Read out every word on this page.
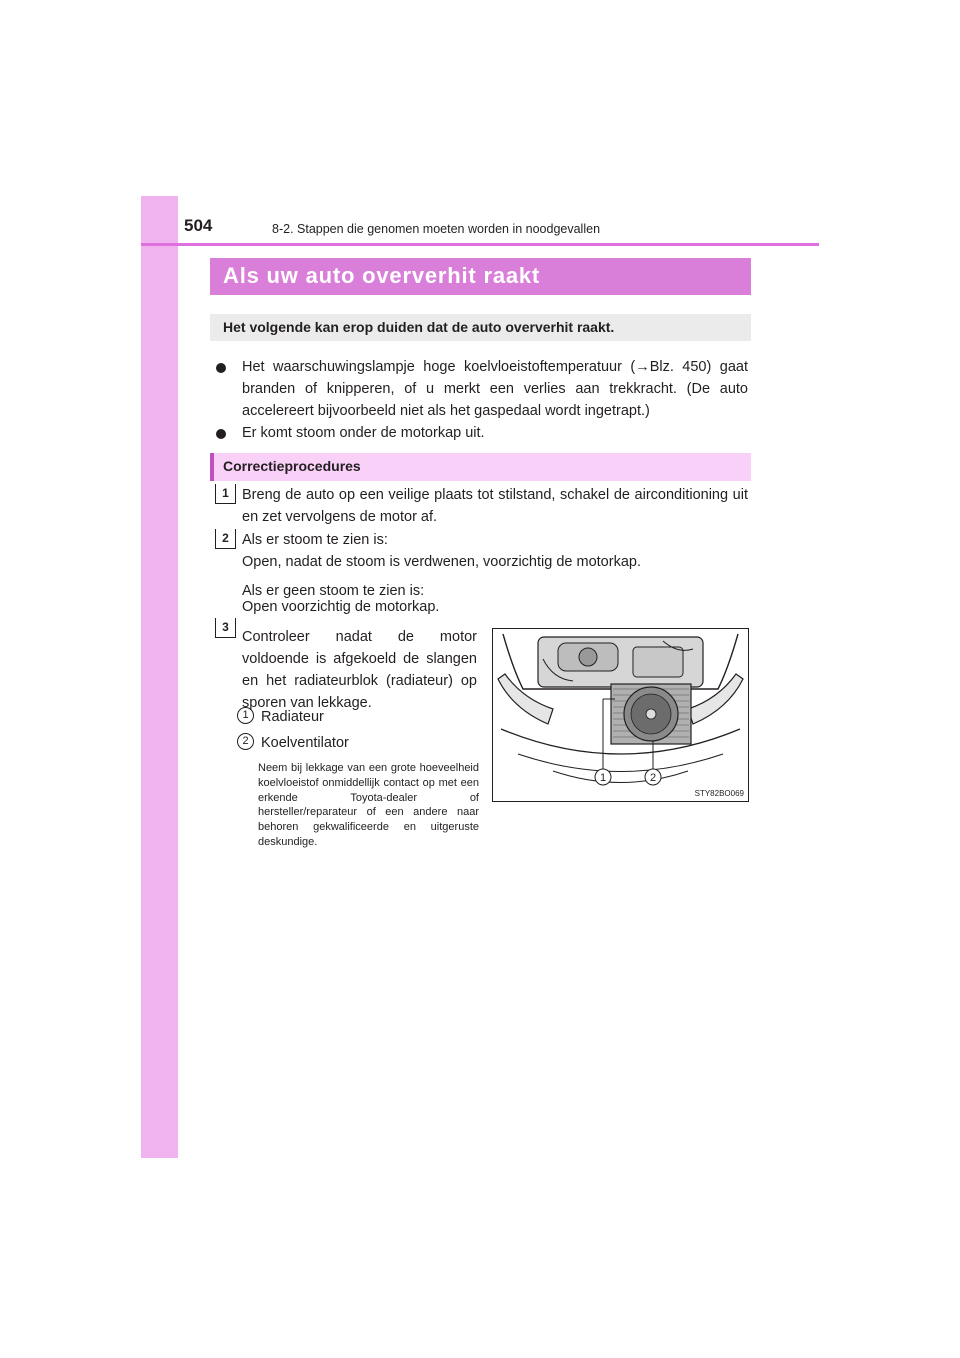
504	8-2. Stappen die genomen moeten worden in noodgevallen
Als uw auto oververhit raakt
Het volgende kan erop duiden dat de auto oververhit raakt.
Het waarschuwingslampje hoge koelvloeistoftemperatuur (→Blz. 450) gaat branden of knipperen, of u merkt een verlies aan trekkracht. (De auto accelereert bijvoorbeeld niet als het gaspedaal wordt ingetrapt.)
Er komt stoom onder de motorkap uit.
Correctieprocedures
1 Breng de auto op een veilige plaats tot stilstand, schakel de airconditioning uit en zet vervolgens de motor af.
2 Als er stoom te zien is:
Open, nadat de stoom is verdwenen, voorzichtig de motorkap.
Als er geen stoom te zien is:
Open voorzichtig de motorkap.
3
Controleer nadat de motor voldoende is afgekoeld de slangen en het radiateurblok (radiateur) op sporen van lekkage.
1 Radiateur
2 Koelventilator
Neem bij lekkage van een grote hoeveelheid koelvloeistof onmiddellijk contact op met een erkende Toyota-dealer of hersteller/reparateur of een andere naar behoren gekwalificeerde en uitgeruste deskundige.
1	2
STY82BO069
